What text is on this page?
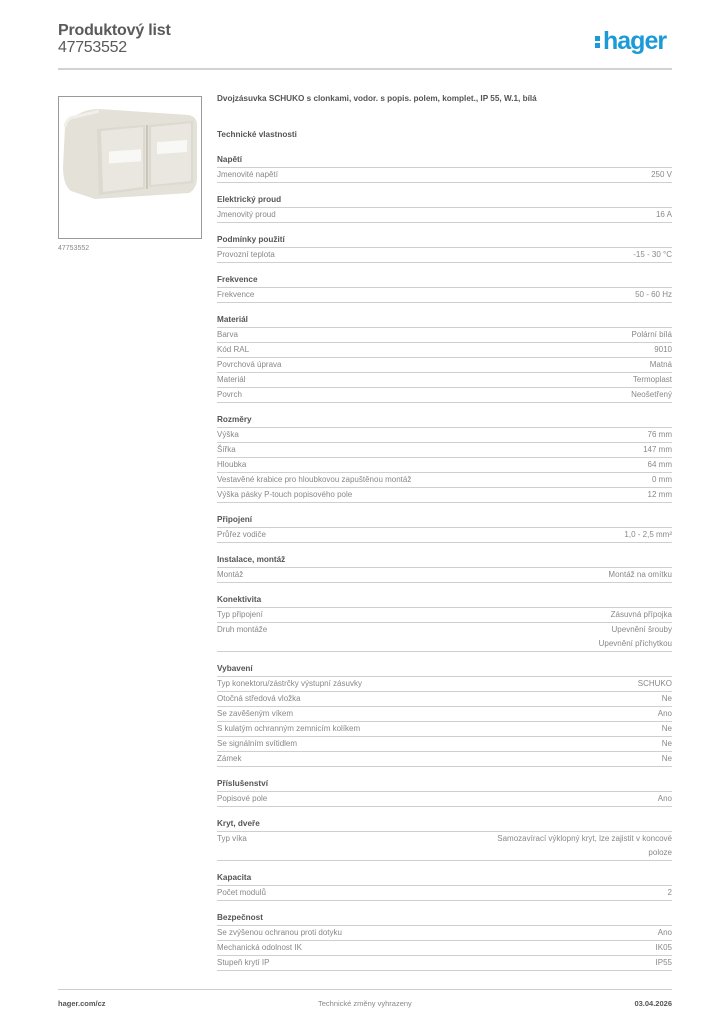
Produktový list
47753552	hager
47753552
Dvojzásuvka SCHUKO s clonkami, vodor. s popis. polem, komplet., IP 55, W.1, bílá
Technické vlastnosti
Napětí
Jmenovité napětí	250 V
Elektrický proud
Jmenovitý proud	16 A
Podmínky použití
Provozní teplota	-15 - 30 °C
Frekvence
Frekvence	50 - 60 Hz
Materiál
Barva	Polární bílá
Kód RAL	9010
Povrchová úprava	Matná
Materiál	Termoplast
Povrch	Neošetřený
Rozměry
Výška	76 mm
Šířka	147 mm
Hloubka	64 mm
Vestavěné krabice pro hloubkovou zapuštěnou montáž	0 mm
Výška pásky P-touch popisového pole	12 mm
Připojení
Průřez vodiče	1,0 - 2,5 mm²
Instalace, montáž
Montáž	Montáž na omítku
Konektivita
Typ připojení	Zásuvná přípojka
Druh montáže	Upevnění šrouby
Upevnění příchytkou
Vybavení
Typ konektoru/zástrčky výstupní zásuvky	SCHUKO
Otočná středová vložka	Ne
Se zavěšeným víkem	Ano
S kulatým ochranným zemnicím kolíkem	Ne
Se signálním svítidlem	Ne
Zámek	Ne
Příslušenství
Popisové pole	Ano
Kryt, dveře
Typ víka	Samozavírací výklopný kryt, lze zajistit v koncové
poloze
Kapacita
Počet modulů	2
Bezpečnost
Se zvýšenou ochranou proti dotyku	Ano
Mechanická odolnost IK	IK05
Stupeň krytí IP	IP55
hager.com/cz	Technické změny vyhrazeny	03.04.2026
